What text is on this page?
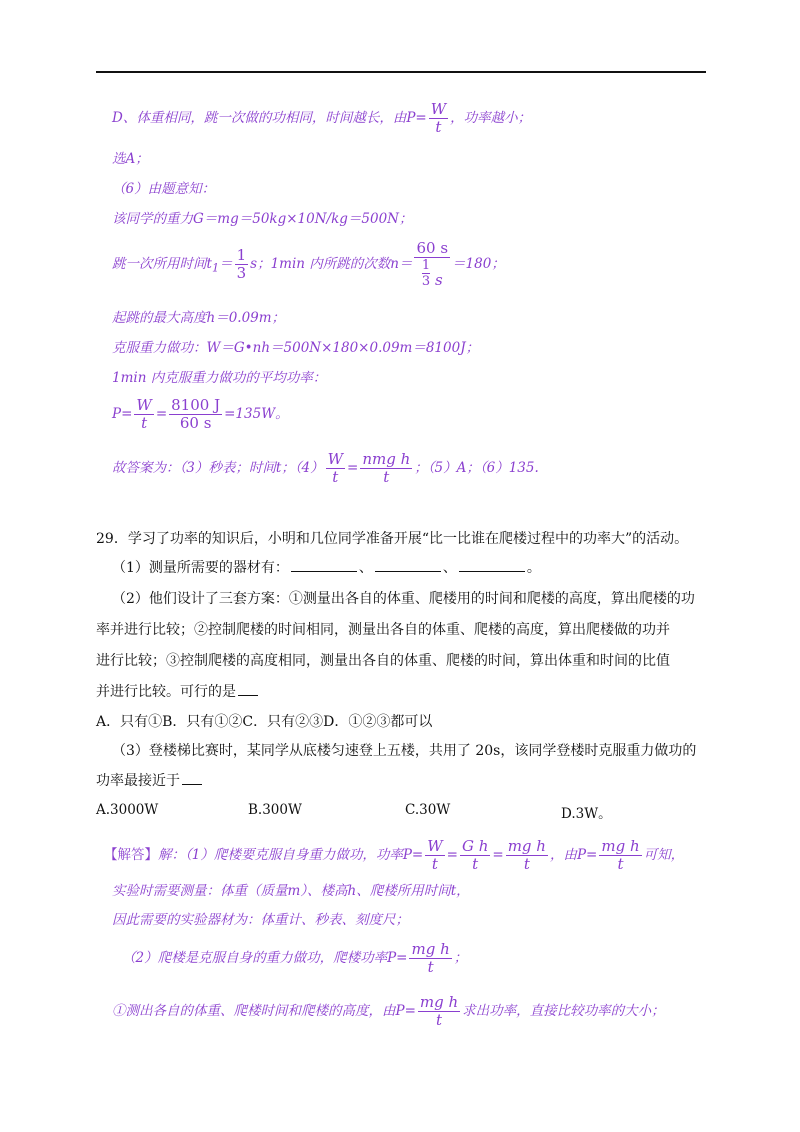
D、体重相同，跳一次做的功相同，时间越长，由$P= \frac{W}{t}$ ，功率越小；
选A；
（6）由题意知：
该同学的重力G＝mg＝50kg×10N/kg＝500N；
跳一次所用时间$t_1= \frac{1}{3}$ s；1min 内所跳的次数$n= \frac{60 s}{\frac{1}{3} s} =180$；
起跳的最大高度h＝0.09m；
克服重力做功：W＝G•nh＝500N×180×0.09m＝8100J；
1min 内克服重力做功的平均功率：
$P= \frac{W}{t} = \frac{8100 J}{60 s} =135W$。
故答案为：（3）秒表；时间t；$(4) \frac{W}{t} = \frac{\text{nmg h}}{t}$ ；（5）A；（6）135.
29．学习了功率的知识后，小明和几位同学准备开展“比一比谁在爬楼过程中的功率大”的活动。
（1）测量所需要的器材有：	、	、	。
（2）他们设计了三套方案：①测量出各自的体重、爬楼用的时间和爬楼的高度，算出爬楼的功
率并进行比较；②控制爬楼的时间相同，测量出各自的体重、爬楼的高度，算出爬楼做的功并
进行比较；③控制爬楼的高度相同，测量出各自的体重、爬楼的时间，算出体重和时间的比值
并进行比较。可行的是
A．只有①B．只有①②C．只有②③D．①②③都可以
（3）登楼梯比赛时，某同学从底楼匀速登上五楼，共用了 20s，该同学登楼时克服重力做功的
功率最接近于
A.3000W	B.300W	C.30W	D.3W。
【解答】解：（1）爬楼要克服自身重力做功，功率$P= \frac{W}{t} = \frac{\text{G h}}{t} = \frac{\text{mg h}}{t}$ ，由$P= \frac{\text{mg h}}{t}$ 可知，
实验时需要测量：体重（质量m）、楼高h、爬楼所用时间t，
因此需要的实验器材为：体重计、秒表、刻度尺；
（2）爬楼是克服自身的重力做功，爬楼功率$P= \frac{\text{mg h}}{t}$ ；
①测出各自的体重、爬楼时间和爬楼的高度，由$P= \frac{\text{mg h}}{t}$ 求出功率，直接比较功率的大小；
